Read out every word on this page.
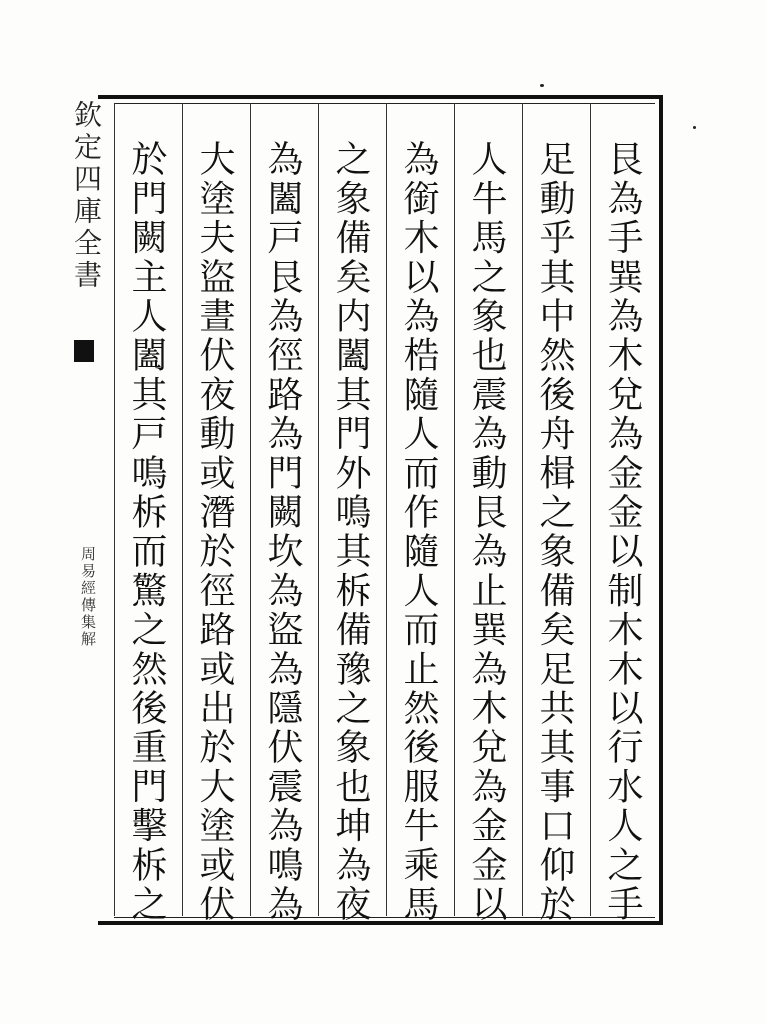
艮為手巽為木兌為金金以制木木以行水人之手
足動乎其中然後舟楫之象備矣足共其事口仰於
人牛馬之象也震為動艮為止巽為木兌為金金以
為銜木以為梏隨人而作隨人而止然後服牛乘馬
之象備矣内闔其門外鳴其柝備豫之象也坤為夜
為闔戸艮為徑路為門闕坎為盜為隱伏震為鳴為
大塗夫盜晝伏夜動或潛於徑路或出於大塗或伏
於門闕主人闔其戸鳴柝而驚之然後重門擊柝之
欽定四庫全書
周易經傳集解
